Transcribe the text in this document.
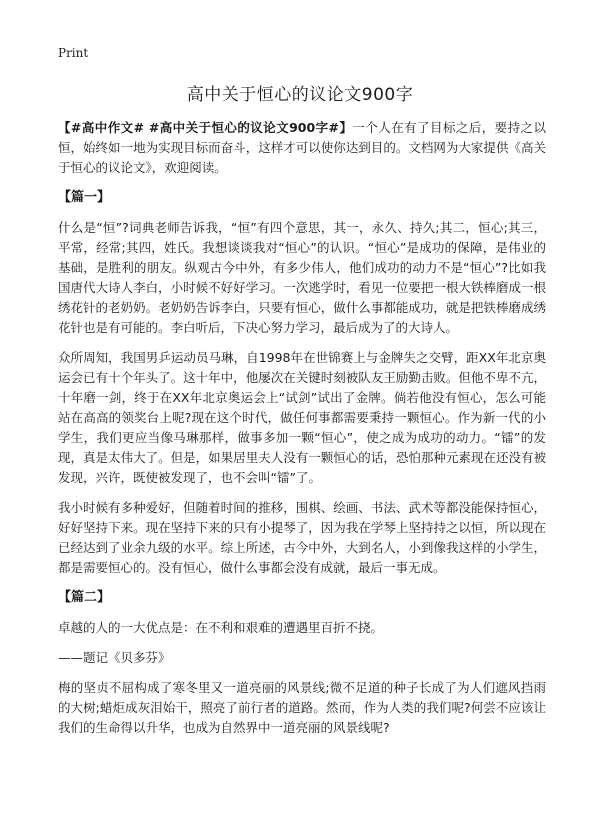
Print
高中关于恒心的议论文900字

【#高中作文# #高中关于恒心的议论文900字#】一个人在有了目标之后，要持之以恒，始终如一地为实现目标而奋斗，这样才可以使你达到目的。文档网为大家提供《高关于恒心的议论文》，欢迎阅读。

【篇一】

什么是“恒”?词典老师告诉我，“恒”有四个意思，其一，永久、持久;其二，恒心;其三，平常，经常;其四，姓氏。我想谈谈我对“恒心”的认识。“恒心”是成功的保障，是伟业的基础，是胜利的朋友。纵观古今中外，有多少伟人，他们成功的动力不是“恒心”?比如我国唐代大诗人李白，小时候不好好学习。一次逃学时，看见一位要把一根大铁棒磨成一根绣花针的老奶奶。老奶奶告诉李白，只要有恒心，做什么事都能成功，就是把铁棒磨成绣花针也是有可能的。李白听后，下决心努力学习，最后成为了的大诗人。

众所周知，我国男乒运动员马琳，自1998年在世锦赛上与金牌失之交臂，距XX年北京奥运会已有十个年头了。这十年中，他屡次在关键时刻被队友王励勤击败。但他不卑不亢，十年磨一剑，终于在XX年北京奥运会上“试剑”试出了金牌。倘若他没有恒心，怎么可能站在高高的领奖台上呢?现在这个时代，做任何事都需要秉持一颗恒心。作为新一代的小学生，我们更应当像马琳那样，做事多加一颗“恒心”，使之成为成功的动力。“镭”的发现，真是太伟大了。但是，如果居里夫人没有一颗恒心的话，恐怕那种元素现在还没有被发现，兴许，既使被发现了，也不会叫“镭”了。

我小时候有多种爱好，但随着时间的推移，围棋、绘画、书法、武术等都没能保持恒心，好好坚持下来。现在坚持下来的只有小提琴了，因为我在学琴上坚持持之以恒，所以现在已经达到了业余九级的水平。综上所述，古今中外，大到名人，小到像我这样的小学生，都是需要恒心的。没有恒心，做什么事都会没有成就，最后一事无成。

【篇二】

卓越的人的一大优点是：在不利和艰难的遭遇里百折不挠。

——题记《贝多芬》

梅的坚贞不屈构成了寒冬里又一道亮丽的风景线;微不足道的种子长成了为人们遮风挡雨的大树;蜡炬成灰泪始干，照亮了前行者的道路。然而，作为人类的我们呢?何尝不应该让我们的生命得以升华，也成为自然界中一道亮丽的风景线呢?
